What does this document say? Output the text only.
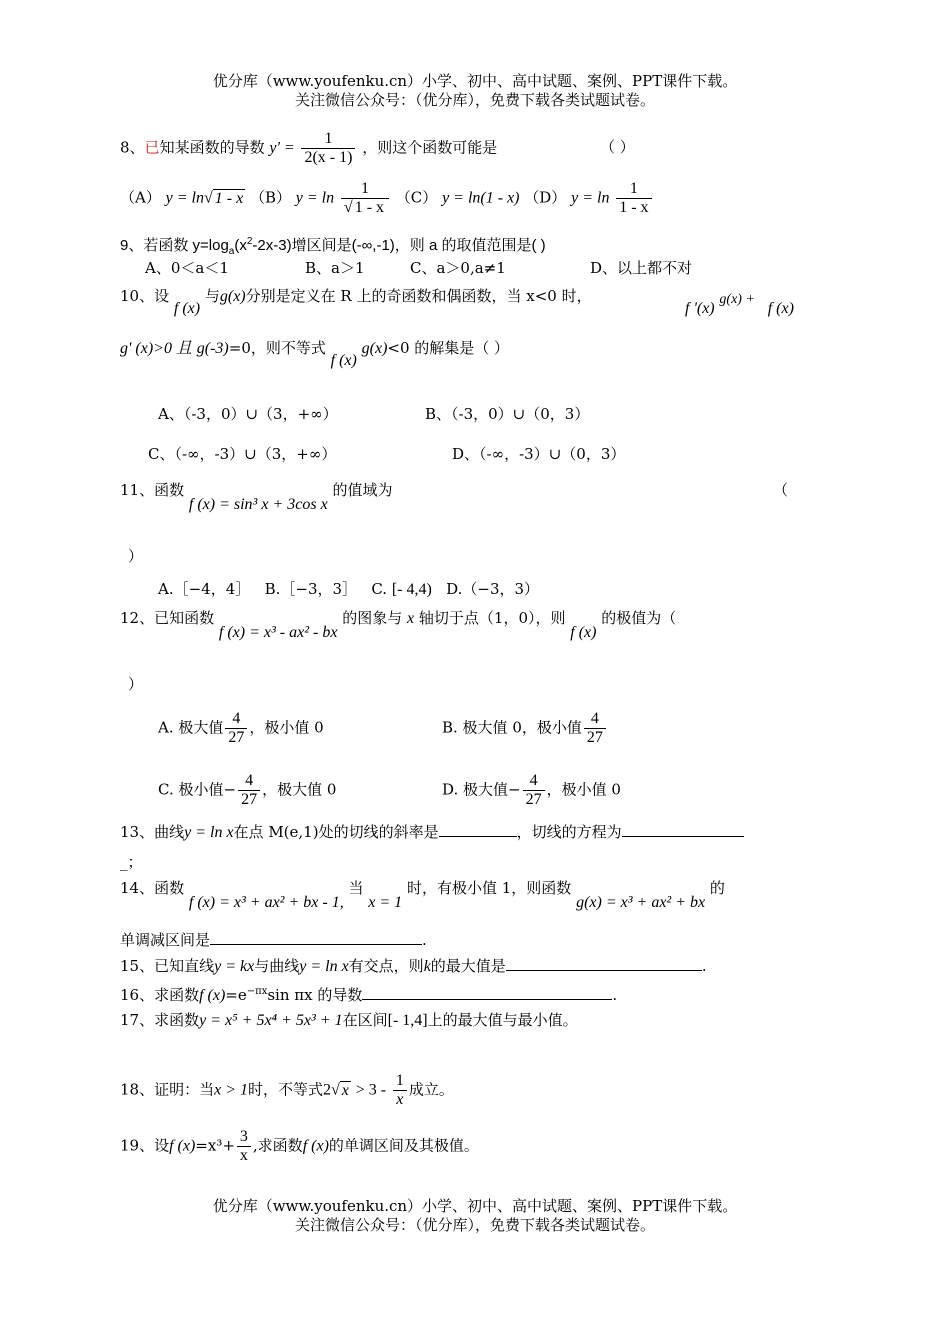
优分库（www.youfenku.cn）小学、初中、高中试题、案例、PPT课件下载。
关注微信公众号：（优分库），免费下载各类试题试卷。
8、已知某函数的导数 $y' = \frac{1}{2(x - 1)}$ ，则这个函数可能是	（ ）
（A） y = ln√ 1 - x （B） $y = \ln \frac{1}{√ 1 - x} (C) y = \ln(1 - x)$ （D） $y = \ln \frac{1}{1 - x}$
9、若函数 $y=\log_a(x^2-2x-3)$增区间是(-∞,-1)，则 a 的取值范围是( )
A、0＜a＜1	B、a＞1	C、a＞0,a≠1	D、以上都不对
10、设 f (x) 与g(x)分别是定义在 R 上的奇函数和偶函数，当 x<0 时，
f '(x) g(x) + f (x)
g' (x)>0 且 g(-3)=0，则不等式 f (x) g(x)<0 的解集是（ ）
A、（-3，0）∪（3，+∞）	B、（-3，0）∪（0，3）
C、（-∞，-3）∪（3，+∞）	D、（-∞，-3）∪（0，3）
11、函数 f (x) = sin³ x + 3cos x 的值域为	（
）
A.［−4，4］ B.［−3，3］ C. [- 4,4) D.（−3，3）
12、已知函数 f (x) = x³ - ax² - bx 的图象与 x 轴切于点（1，0），则 f (x) 的极值为（
）
A. 极大值 $\frac{4}{27}$ ，极小值 0	B. 极大值 0，极小值 $\frac{4}{27}$
C. 极小值− $\frac{4}{27}$ ，极大值 0	D. 极大值− $\frac{4}{27}$ ，极小值 0
13、曲线y = ln x在点 M(e,1)处的切线的斜率是	，切线的方程为
_；
14、函数 f (x) = x³ + ax² + bx - 1, 当 x = 1 时，有极小值 1，则函数 g(x) = x³ + ax² + bx 的
单调减区间是	.
15、已知直线y = kx与曲线y = ln x有交点，则k的最大值是	.
16、求函数f $(x)=e^{-\pi x}\sin$ πx 的导数	.
17、求函数y = x⁵ + 5x⁴ + 5x³ + 1在区间[- 1,4]上的最大值与最小值。
18、证明：当x > 1时，不等式2√ $x > 3 - \frac{1}{x}$ 成立。
19、设f $(x)=x^3+ \frac{3}{x}$ ,求函数f (x)的单调区间及其极值。
优分库（www.youfenku.cn）小学、初中、高中试题、案例、PPT课件下载。
关注微信公众号：（优分库），免费下载各类试题试卷。
